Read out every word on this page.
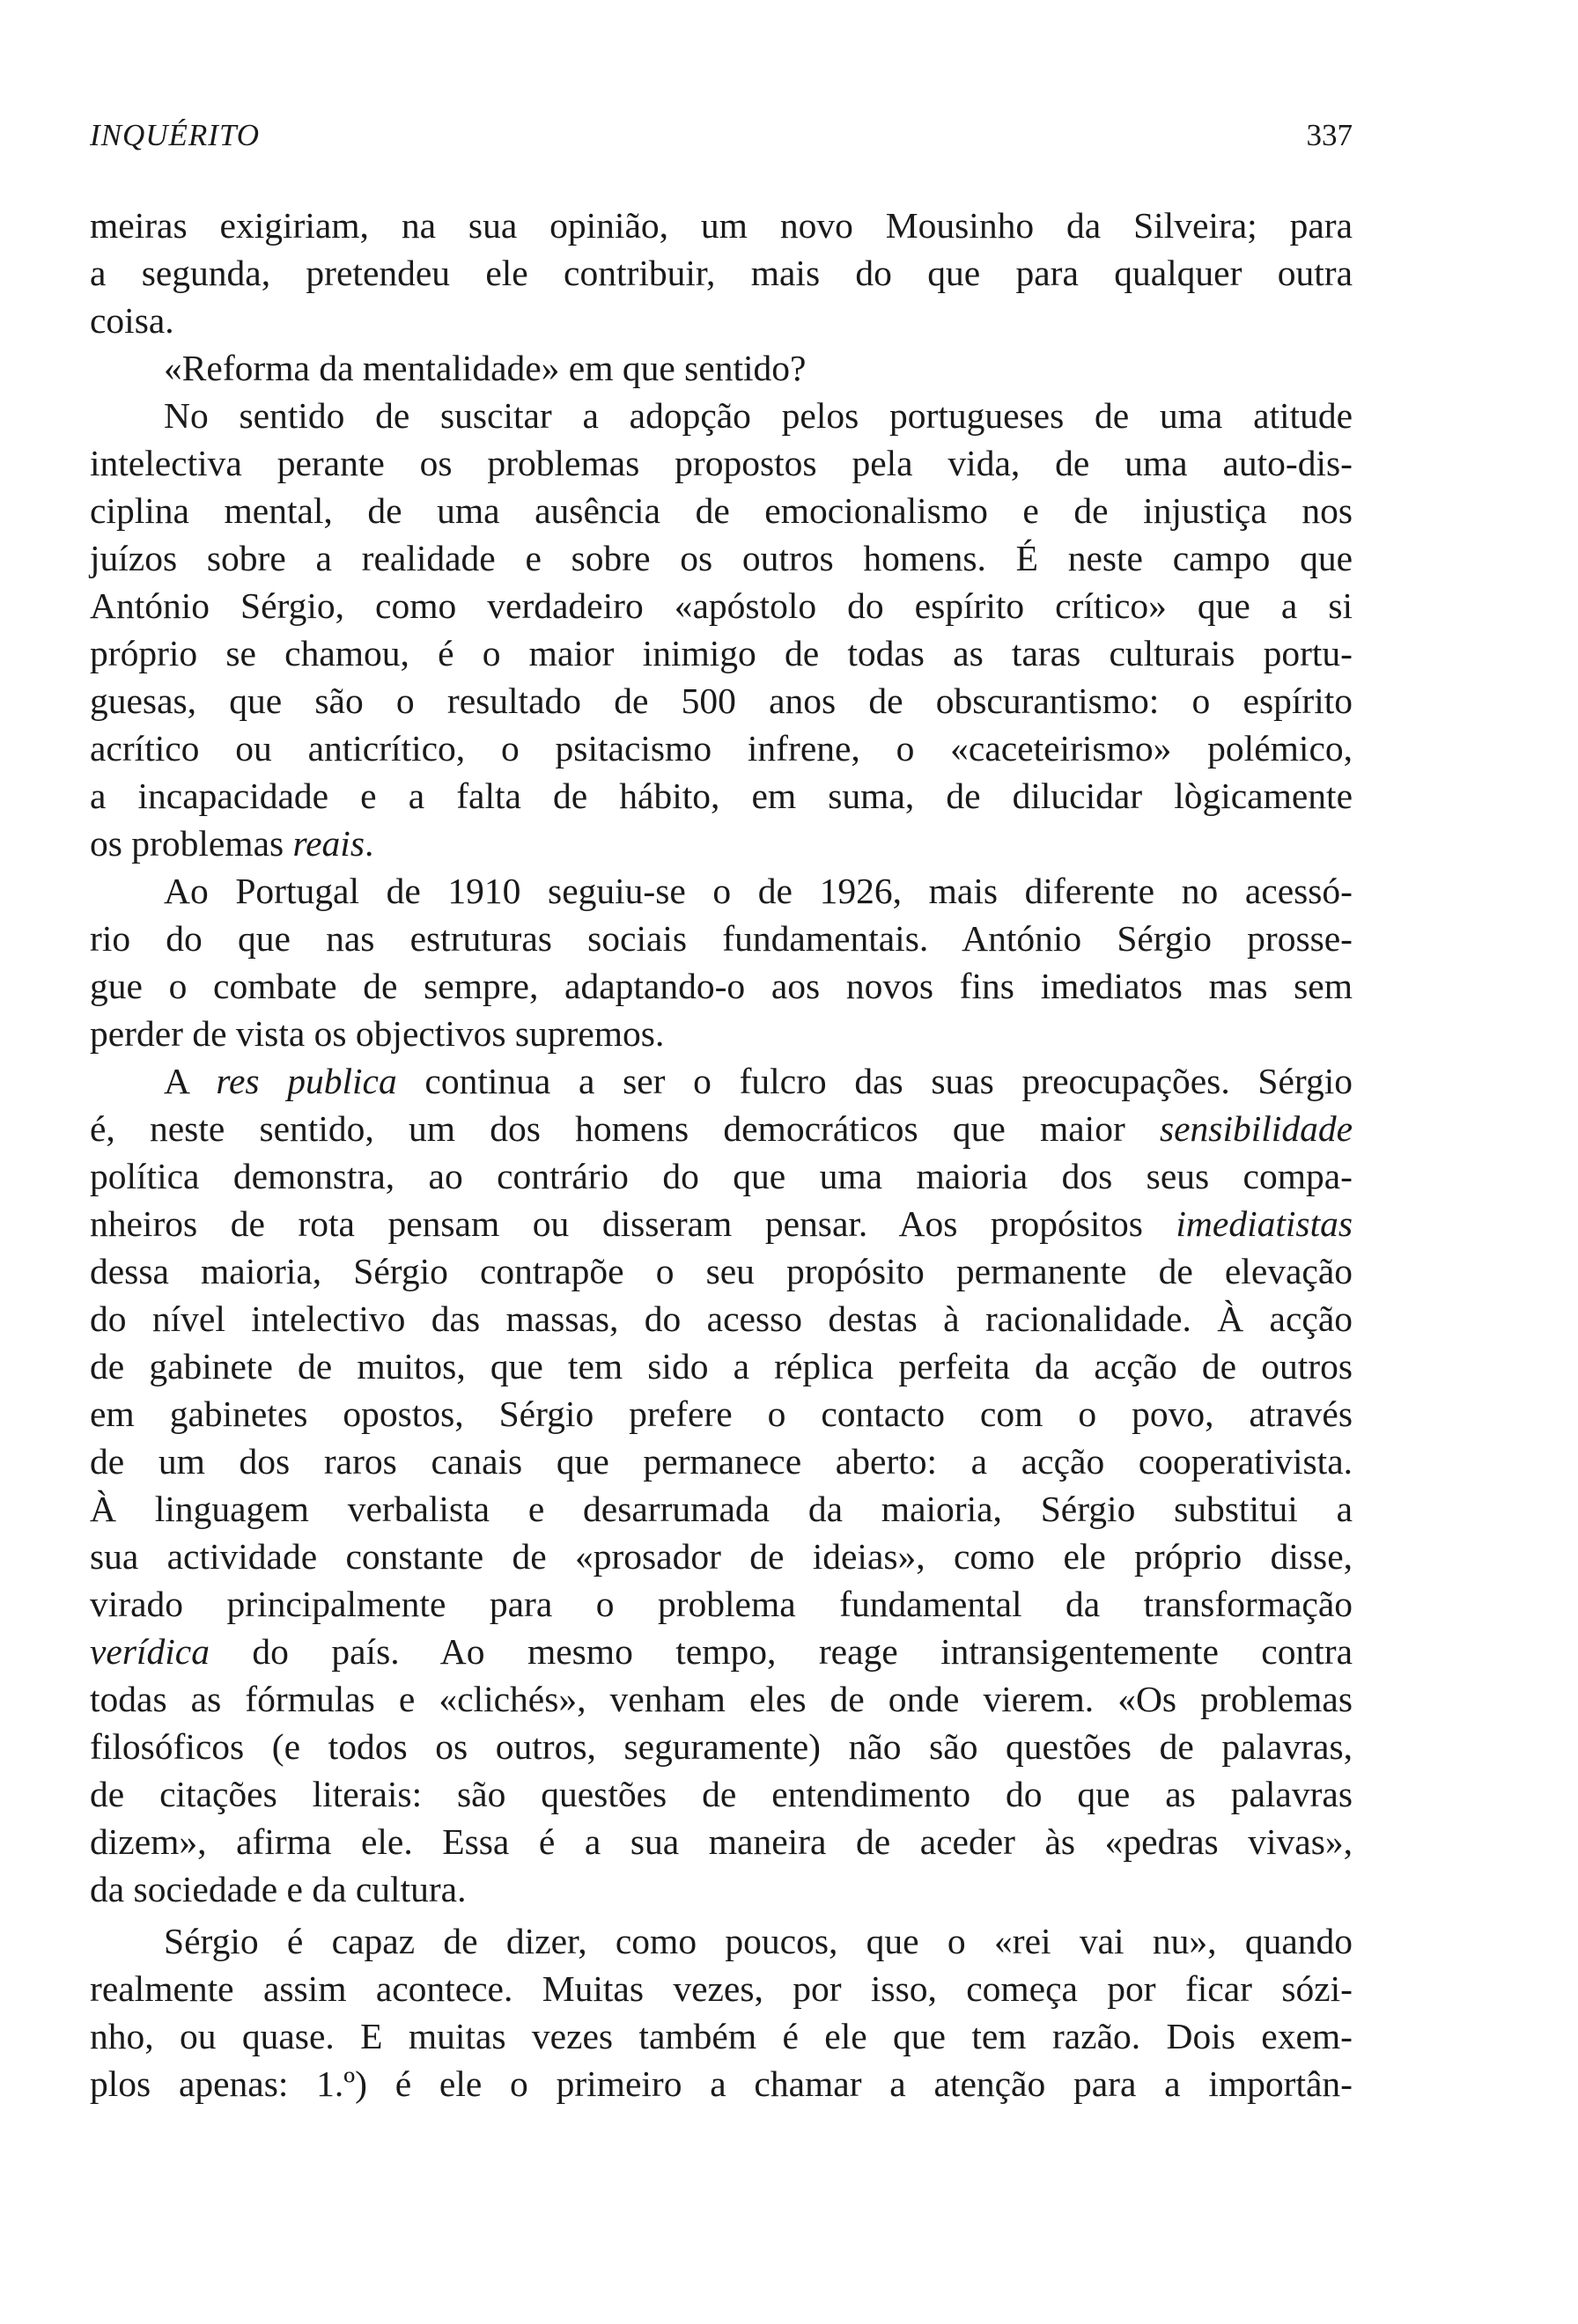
INQUÉRITO	337
meiras exigiriam, na sua opinião, um novo Mousinho da Silveira; para
a segunda, pretendeu ele contribuir, mais do que para qualquer outra
coisa.
«Reforma da mentalidade» em que sentido?
No sentido de suscitar a adopção pelos portugueses de uma atitude
intelectiva perante os problemas propostos pela vida, de uma auto-dis-
ciplina mental, de uma ausência de emocionalismo e de injustiça nos
juízos sobre a realidade e sobre os outros homens. É neste campo que
António Sérgio, como verdadeiro «apóstolo do espírito crítico» que a si
próprio se chamou, é o maior inimigo de todas as taras culturais portu-
guesas, que são o resultado de 500 anos de obscurantismo: o espírito
acrítico ou anticrítico, o psitacismo infrene, o «caceteirismo» polémico,
a incapacidade e a falta de hábito, em suma, de dilucidar lògicamente
os problemas reais.
Ao Portugal de 1910 seguiu-se o de 1926, mais diferente no acessó-
rio do que nas estruturas sociais fundamentais. António Sérgio prosse-
gue o combate de sempre, adaptando-o aos novos fins imediatos mas sem
perder de vista os objectivos supremos.
A res publica continua a ser o fulcro das suas preocupações. Sérgio
é, neste sentido, um dos homens democráticos que maior sensibilidade
política demonstra, ao contrário do que uma maioria dos seus compa-
nheiros de rota pensam ou disseram pensar. Aos propósitos imediatistas
dessa maioria, Sérgio contrapõe o seu propósito permanente de elevação
do nível intelectivo das massas, do acesso destas à racionalidade. À acção
de gabinete de muitos, que tem sido a réplica perfeita da acção de outros
em gabinetes opostos, Sérgio prefere o contacto com o povo, através
de um dos raros canais que permanece aberto: a acção cooperativista.
À linguagem verbalista e desarrumada da maioria, Sérgio substitui a
sua actividade constante de «prosador de ideias», como ele próprio disse,
virado principalmente para o problema fundamental da transformação
verídica do país. Ao mesmo tempo, reage intransigentemente contra
todas as fórmulas e «clichés», venham eles de onde vierem. «Os problemas
filosóficos (e todos os outros, seguramente) não são questões de palavras,
de citações literais: são questões de entendimento do que as palavras
dizem», afirma ele. Essa é a sua maneira de aceder às «pedras vivas»,
da sociedade e da cultura.
Sérgio é capaz de dizer, como poucos, que o «rei vai nu», quando
realmente assim acontece. Muitas vezes, por isso, começa por ficar sózi-
nho, ou quase. E muitas vezes também é ele que tem razão. Dois exem-
plos apenas: 1.º) é ele o primeiro a chamar a atenção para a importân-
